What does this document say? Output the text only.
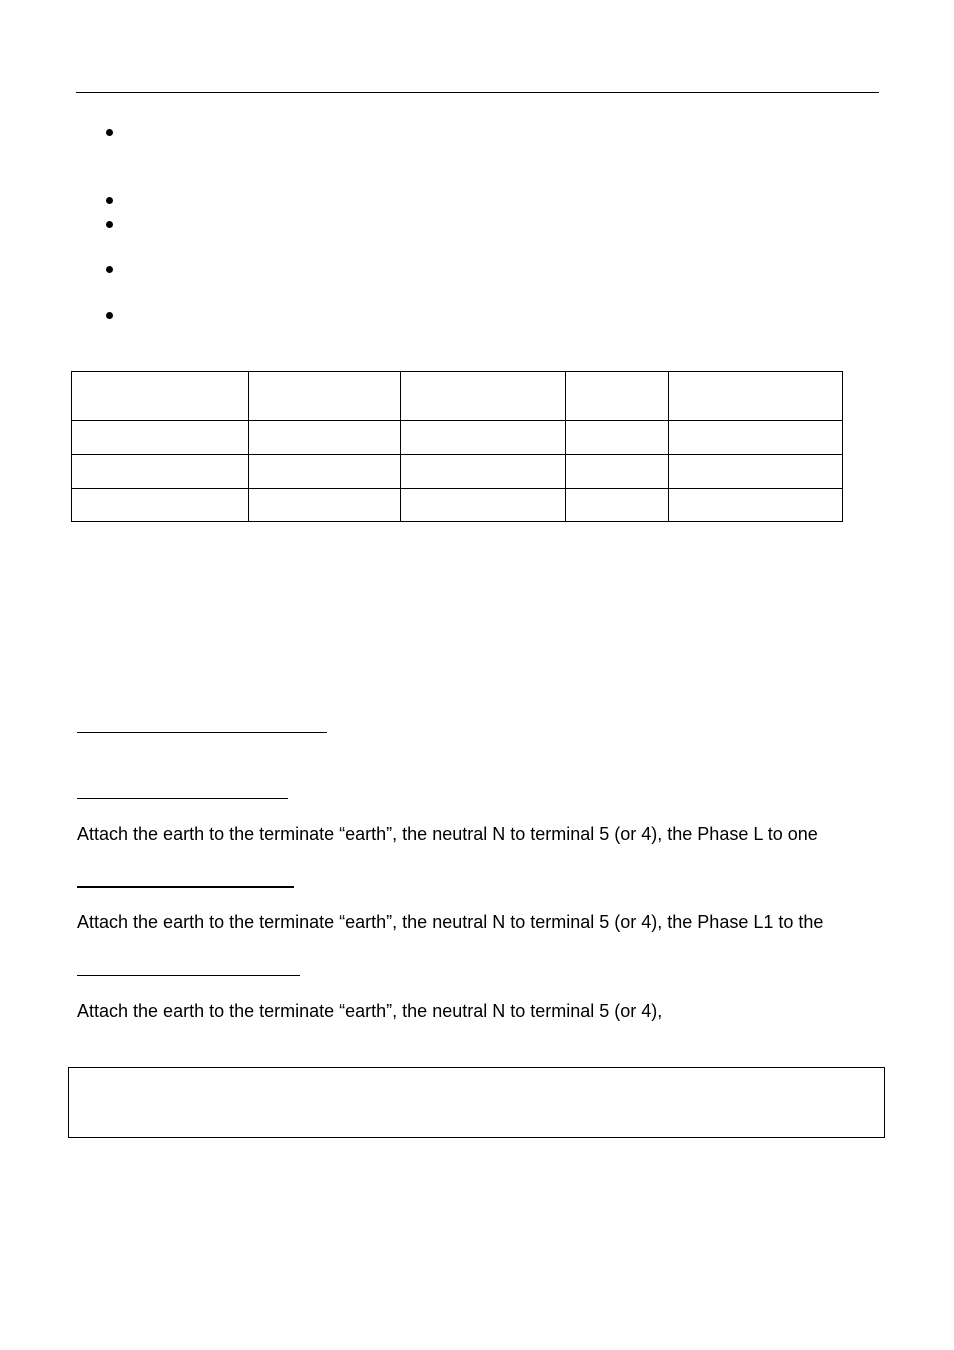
Attach the earth to the terminate “earth”, the neutral N to terminal 5 (or 4), the Phase L to one
Attach the earth to the terminate “earth”, the neutral N to terminal 5 (or 4), the Phase L1 to the
Attach the earth to the terminate “earth”, the neutral N to terminal 5 (or 4),
